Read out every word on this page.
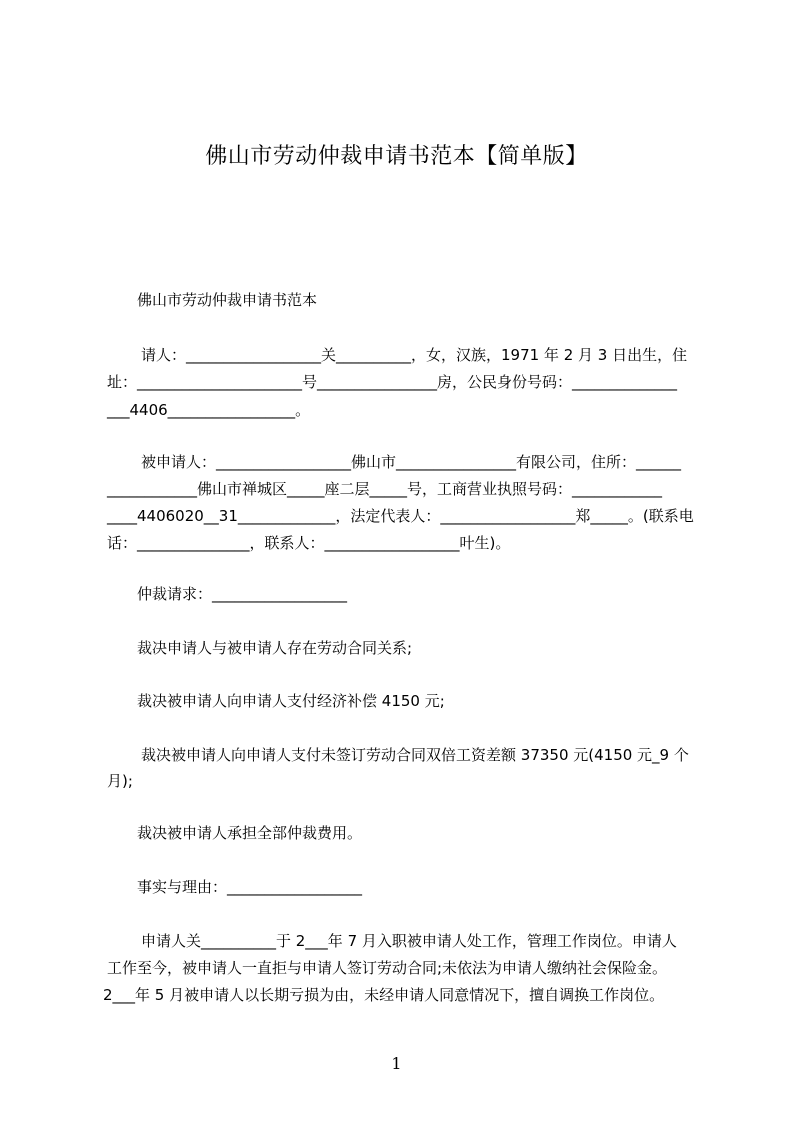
佛山市劳动仲裁申请书范本【简单版】
佛山市劳动仲裁申请书范本
请人：__________________关__________，女，汉族，1971 年 2 月 3 日出生，住
址：______________________号________________房，公民身份号码：______________
___4406_________________。
被申请人：__________________佛山市________________有限公司，住所：______
____________佛山市禅城区_____座二层_____号，工商营业执照号码：____________
____4406020__31_____________，法定代表人：__________________郑_____。(联系电
话：_______________，联系人：__________________叶生)。
仲裁请求：__________________
裁决申请人与被申请人存在劳动合同关系;
裁决被申请人向申请人支付经济补偿 4150 元;
裁决被申请人向申请人支付未签订劳动合同双倍工资差额 37350 元(4150 元_9 个
月);
裁决被申请人承担全部仲裁费用。
事实与理由：__________________
申请人关__________于 2___年 7 月入职被申请人处工作，管理工作岗位。申请人
工作至今，被申请人一直拒与申请人签订劳动合同;未依法为申请人缴纳社会保险金。
2___年 5 月被申请人以长期亏损为由，未经申请人同意情况下，擅自调换工作岗位。
1
